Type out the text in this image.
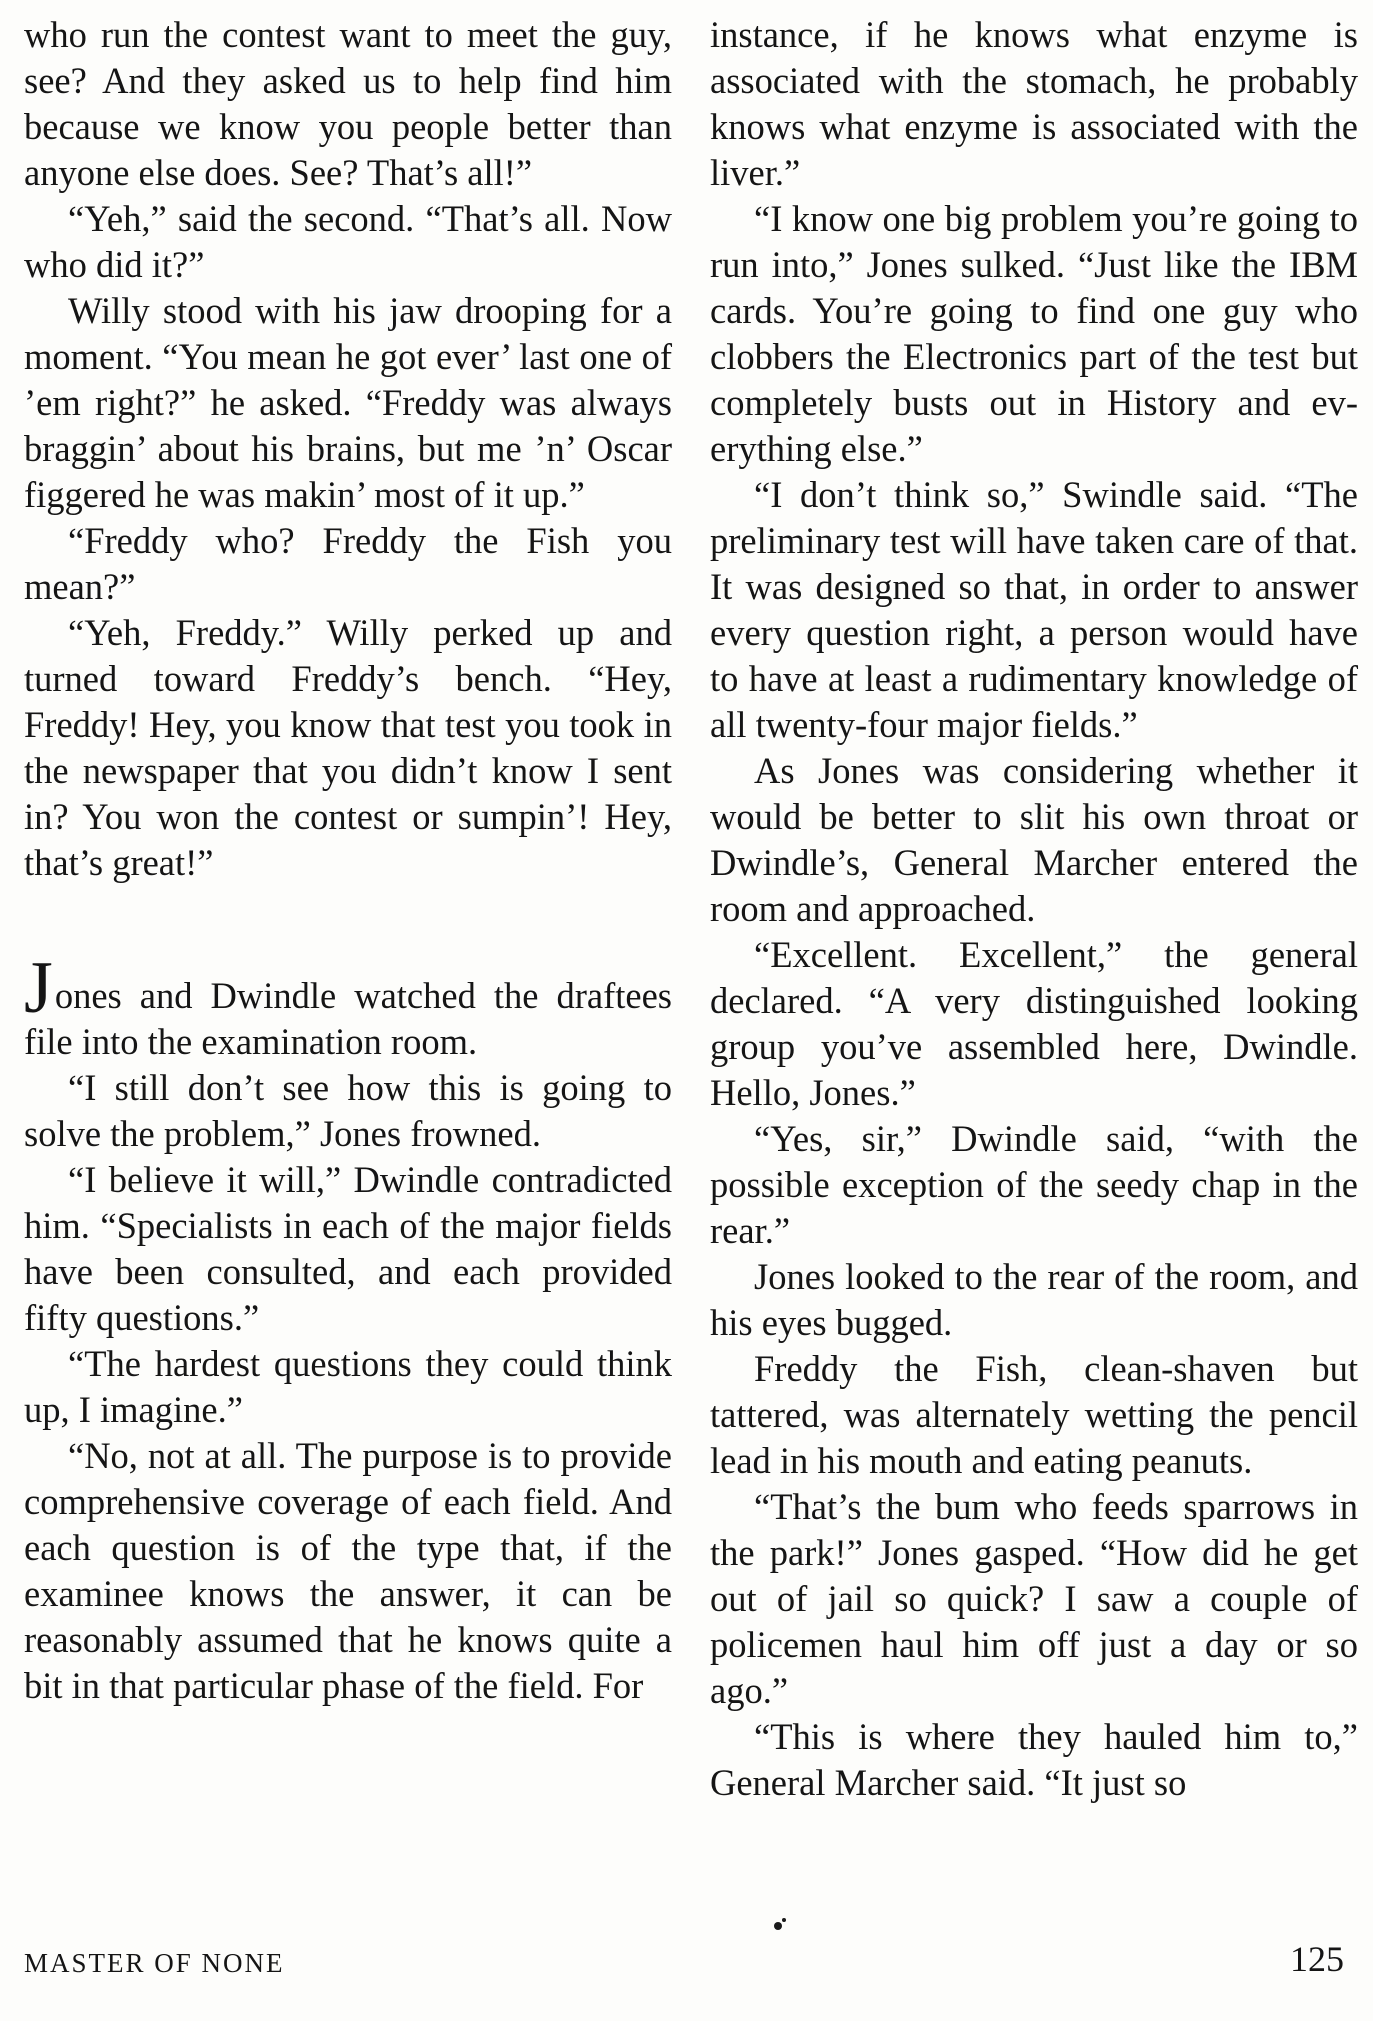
who run the contest want to meet the guy, see? And they asked us to help find him because we know you people better than anyone else does. See? That’s all!”

“Yeh,” said the second. “That’s all. Now who did it?”

Willy stood with his jaw drooping for a moment. “You mean he got ever’ last one of ’em right?” he asked. “Freddy was always braggin’ about his brains, but me ’n’ Oscar figgered he was makin’ most of it up.”

“Freddy who? Freddy the Fish you mean?”

“Yeh, Freddy.” Willy perked up and turned toward Freddy’s bench. “Hey, Freddy! Hey, you know that test you took in the newspaper that you didn’t know I sent in? You won the contest or sumpin’! Hey, that’s great!”

Jones and Dwindle watched the draftees file into the examination room.

“I still don’t see how this is going to solve the problem,” Jones frowned.

“I believe it will,” Dwindle contradicted him. “Specialists in each of the major fields have been consulted, and each provided fifty questions.”

“The hardest questions they could think up, I imagine.”

“No, not at all. The purpose is to provide comprehensive coverage of each field. And each question is of the type that, if the examinee knows the answer, it can be reasonably assumed that he knows quite a bit in that particular phase of the field. For

instance, if he knows what enzyme is associated with the stomach, he probably knows what enzyme is associated with the liver.”

“I know one big problem you’re going to run into,” Jones sulked. “Just like the IBM cards. You’re going to find one guy who clobbers the Electronics part of the test but completely busts out in History and everything else.”

“I don’t think so,” Swindle said. “The preliminary test will have taken care of that. It was designed so that, in order to answer every question right, a person would have to have at least a rudimentary knowledge of all twenty-four major fields.”

As Jones was considering whether it would be better to slit his own throat or Dwindle’s, General Marcher entered the room and approached.

“Excellent. Excellent,” the general declared. “A very distinguished looking group you’ve assembled here, Dwindle. Hello, Jones.”

“Yes, sir,” Dwindle said, “with the possible exception of the seedy chap in the rear.”

Jones looked to the rear of the room, and his eyes bugged.

Freddy the Fish, clean-shaven but tattered, was alternately wetting the pencil lead in his mouth and eating peanuts.

“That’s the bum who feeds sparrows in the park!” Jones gasped. “How did he get out of jail so quick? I saw a couple of policemen haul him off just a day or so ago.”

“This is where they hauled him to,” General Marcher said. “It just so

MASTER OF NONE	125
